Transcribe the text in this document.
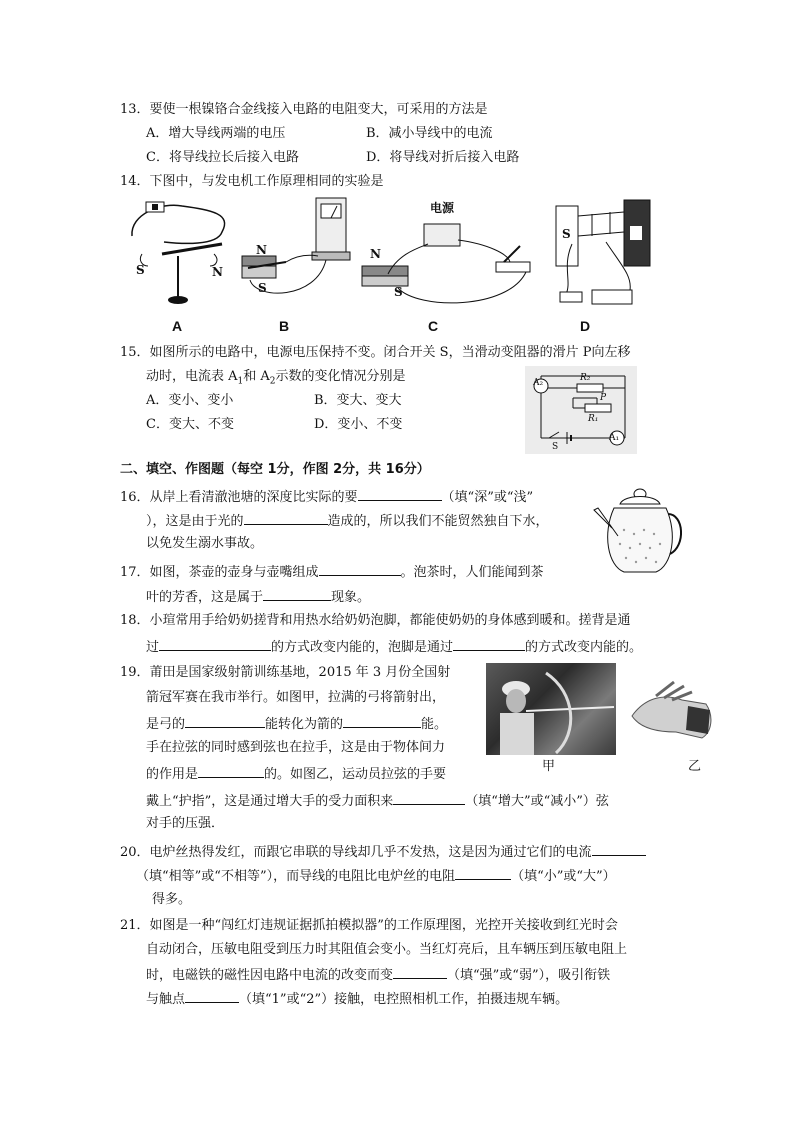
13．要使一根镍铬合金线接入电路的电阻变大，可采用的方法是
A．增大导线两端的电压	B．减小导线中的电流
C．将导线拉长后接入电路	D．将导线对折后接入电路
14．下图中，与发电机工作原理相同的实验是
S	N
N
S
电源
N
S
S
A	B	C	D
15．如图所示的电路中，电源电压保持不变。闭合开关 S，当滑动变阻器的滑片 P向左移
动时，电流表 $A_1$和 $A_2$示数的变化情况分别是
A．变小、变小	B．变大、变大
C．变大、不变	D．变小、不变
A₂
A₁
R₂
R₁
P
S
二、填空、作图题（每空 1分，作图 2分，共 16分）
16．从岸上看清澈池塘的深度比实际的要	（填“深”或“浅”
），这是由于光的	造成的，所以我们不能贸然独自下水，
以免发生溺水事故。
17．如图，茶壶的壶身与壶嘴组成	。泡茶时，人们能闻到茶
叶的芳香，这是属于	现象。
18．小瑄常用手给奶奶搓背和用热水给奶奶泡脚，都能使奶奶的身体感到暖和。搓背是通
过	的方式改变内能的，泡脚是通过	的方式改变内能的。
19．莆田是国家级射箭训练基地，2015 年 3 月份全国射
箭冠军赛在我市举行。如图甲，拉满的弓将箭射出，
是弓的	能转化为箭的	能。
手在拉弦的同时感到弦也在拉手，这是由于物体间力
的作用是	的。如图乙，运动员拉弦的手要
戴上“护指”，这是通过增大手的受力面积来	（填“增大”或“减小”）弦
对手的压强．
甲	乙
20．电炉丝热得发红，而跟它串联的导线却几乎不发热，这是因为通过它们的电流
（填“相等”或“不相等”），而导线的电阻比电炉丝的电阻	（填“小”或“大”）
得多。
21．如图是一种“闯红灯违规证据抓拍模拟器”的工作原理图，光控开关接收到红光时会
自动闭合，压敏电阻受到压力时其阻值会变小。当红灯亮后，且车辆压到压敏电阻上
时，电磁铁的磁性因电路中电流的改变而变	（填“强”或“弱”），吸引衔铁
与触点	（填“1”或“2”）接触，电控照相机工作，拍摄违规车辆。
